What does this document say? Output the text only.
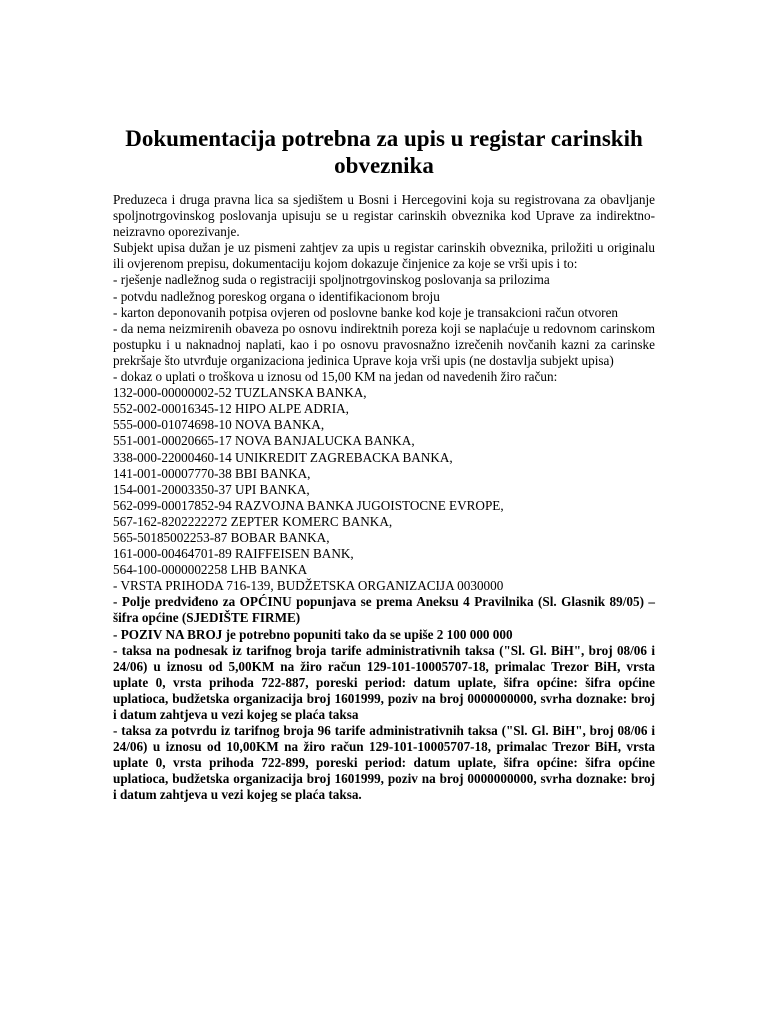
Dokumentacija potrebna za upis u registar carinskih obveznika

Preduzeca i druga pravna lica sa sjedištem u Bosni i Hercegovini koja su registrovana za obavljanje spoljnotrgovinskog poslovanja upisuju se u registar carinskih obveznika kod Uprave za indirektno-neizravno oporezivanje.

Subjekt upisa dužan je uz pismeni zahtjev za upis u registar carinskih obveznika, priložiti u originalu ili ovjerenom prepisu, dokumentaciju kojom dokazuje činjenice za koje se vrši upis i to:

- rješenje nadležnog suda o registraciji spoljnotrgovinskog poslovanja sa prilozima

- potvdu nadležnog poreskog organa o identifikacionom broju

- karton deponovanih potpisa ovjeren od poslovne banke kod koje je transakcioni račun otvoren

- da nema neizmirenih obaveza po osnovu indirektnih poreza koji se naplaćuje u redovnom carinskom postupku i u naknadnoj naplati, kao i po osnovu pravosnažno izrečenih novčanih kazni za carinske prekršaje što utvrđuje organizaciona jedinica Uprave koja vrši upis (ne dostavlja subjekt upisa)

- dokaz o uplati o troškova u iznosu od 15,00 KM na jedan od navedenih žiro račun:

132-000-00000002-52 TUZLANSKA BANKA,

552-002-00016345-12 HIPO ALPE ADRIA,

555-000-01074698-10 NOVA BANKA,

551-001-00020665-17 NOVA BANJALUCKA BANKA,

338-000-22000460-14 UNIKREDIT ZAGREBACKA BANKA,

141-001-00007770-38 BBI BANKA,

154-001-20003350-37 UPI BANKA,

562-099-00017852-94 RAZVOJNA BANKA JUGOISTOCNE EVROPE,

567-162-8202222272 ZEPTER KOMERC BANKA,

565-50185002253-87 BOBAR BANKA,

161-000-00464701-89 RAIFFEISEN BANK,

564-100-0000002258 LHB BANKA

- VRSTA PRIHODA 716-139, BUDŽETSKA ORGANIZACIJA 0030000

- Polje predviđeno za OPĆINU popunjava se prema Aneksu 4 Pravilnika (Sl. Glasnik 89/05) – šifra općine (SJEDIŠTE FIRME)

- POZIV NA BROJ je potrebno popuniti tako da se upiše 2 100 000 000

- taksa na podnesak iz tarifnog broja tarife administrativnih taksa ("Sl. Gl. BiH", broj 08/06 i 24/06) u iznosu od 5,00KM na žiro račun 129-101-10005707-18, primalac Trezor BiH, vrsta uplate 0, vrsta prihoda 722-887, poreski period: datum uplate, šifra općine: šifra općine uplatioca, budžetska organizacija broj 1601999, poziv na broj 0000000000, svrha doznake: broj i datum zahtjeva u vezi kojeg se plaća taksa

- taksa za potvrdu iz tarifnog broja 96 tarife administrativnih taksa ("Sl. Gl. BiH", broj 08/06 i 24/06) u iznosu od 10,00KM na žiro račun 129-101-10005707-18, primalac Trezor BiH, vrsta uplate 0, vrsta prihoda 722-899, poreski period: datum uplate, šifra općine: šifra općine uplatioca, budžetska organizacija broj 1601999, poziv na broj 0000000000, svrha doznake: broj i datum zahtjeva u vezi kojeg se plaća taksa.
